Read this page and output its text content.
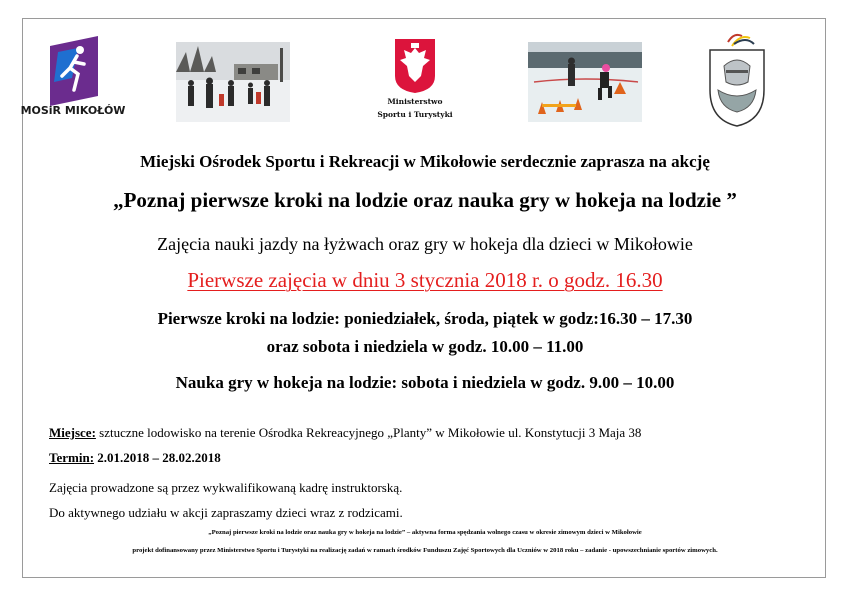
MOSiR MIKOŁÓW
Ministerstwo
Sportu i Turystyki
Miejski Ośrodek Sportu i Rekreacji w Mikołowie serdecznie zaprasza na akcję
„Poznaj pierwsze kroki na lodzie oraz nauka gry w hokeja na lodzie ”
Zajęcia nauki jazdy na łyżwach oraz gry w hokeja dla dzieci w Mikołowie
Pierwsze zajęcia w dniu 3 stycznia 2018 r. o godz. 16.30
Pierwsze kroki na lodzie: poniedziałek, środa, piątek w godz:16.30 – 17.30
oraz sobota i niedziela w godz. 10.00 – 11.00
Nauka gry w hokeja na lodzie: sobota i niedziela w godz. 9.00 – 10.00
Miejsce: sztuczne lodowisko na terenie Ośrodka Rekreacyjnego „Planty” w Mikołowie ul. Konstytucji 3 Maja 38
Termin: 2.01.2018 – 28.02.2018
Zajęcia prowadzone są przez wykwalifikowaną kadrę instruktorską.
Do aktywnego udziału w akcji zapraszamy dzieci wraz z rodzicami.
„Poznaj pierwsze kroki na lodzie oraz nauka gry w hokeja na lodzie” – aktywna forma spędzania wolnego czasu w okresie zimowym dzieci w Mikołowie
projekt dofinansowany przez Ministerstwo Sportu i Turystyki na realizację zadań w ramach środków Funduszu Zajęć Sportowych dla Uczniów w 2018 roku – zadanie - upowszechnianie sportów zimowych.
